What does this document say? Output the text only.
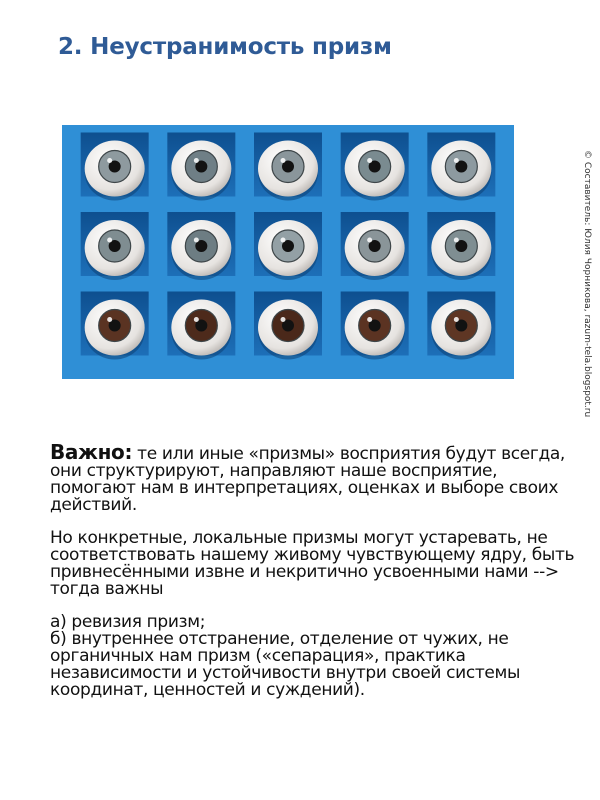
2. Неустранимость призм
© Составитель: Юлия Чорникова, razum-tela.blogspot.ru

Важно: те или иные «призмы» восприятия будут всегда, они структурируют, направляют наше восприятие, помогают нам в интерпретациях, оценках и выборе своих действий.

Но конкретные, локальные призмы могут устаревать, не соответствовать нашему живому чувствующему ядру, быть привнесёнными извне и некритично усвоенными нами --> тогда важны

а) ревизия призм;
б) внутреннее отстранение, отделение от чужих, не органичных нам призм («сепарация», практика независимости и устойчивости внутри своей системы координат, ценностей и суждений).
